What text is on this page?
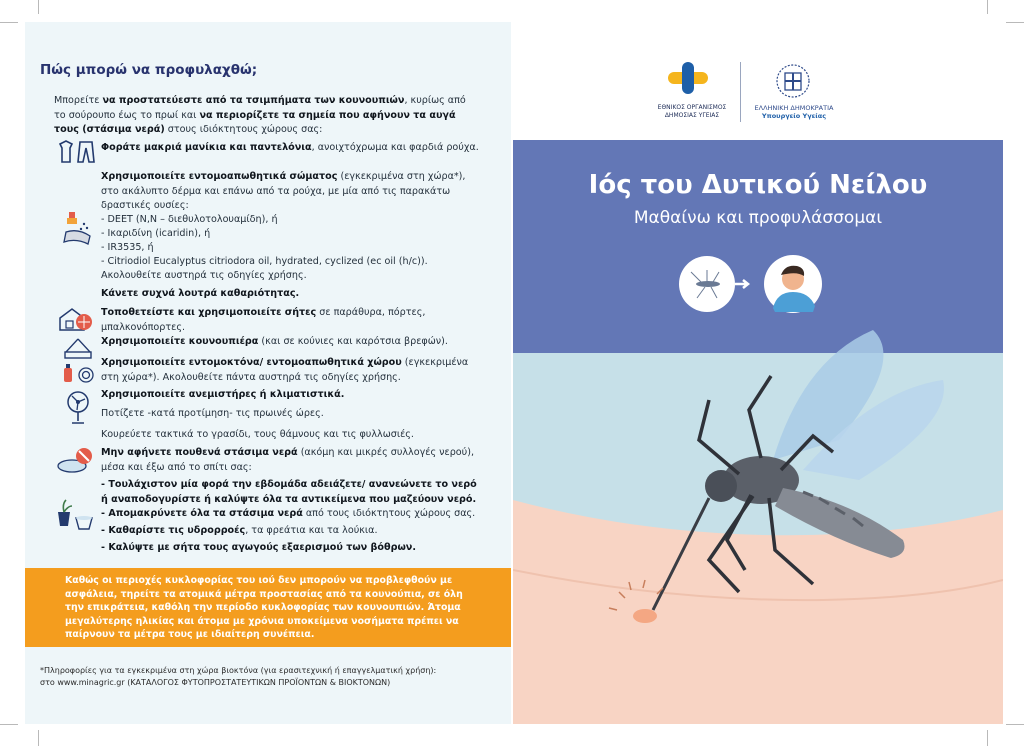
Πώς μπορώ να προφυλαχθώ;
Μπορείτε να προστατεύεστε από τα τσιμπήματα των κουνουπιών, κυρίως από το σούρουπο έως το πρωί και να περιορίζετε τα σημεία που αφήνουν τα αυγά τους (στάσιμα νερά) στους ιδιόκτητους χώρους σας:
Φοράτε μακριά μανίκια και παντελόνια, ανοιχτόχρωμα και φαρδιά ρούχα.
Χρησιμοποιείτε εντομοαπωθητικά σώματος (εγκεκριμένα στη χώρα*), στο ακάλυπτο δέρμα και επάνω από τα ρούχα, με μία από τις παρακάτω δραστικές ουσίες:
- DEET (N,N – διεθυλοτολουαμίδη), ή
- Ικαριδίνη (icaridin), ή
- IR3535, ή
- Citriodiol Eucalyptus citriodora oil, hydrated, cyclized (ec oil (h/c)).
Ακολουθείτε αυστηρά τις οδηγίες χρήσης.
Κάνετε συχνά λουτρά καθαριότητας.
Τοποθετείστε και χρησιμοποιείτε σήτες σε παράθυρα, πόρτες, μπαλκονόπορτες.
Χρησιμοποιείτε κουνουπιέρα (και σε κούνιες και καρότσια βρεφών).
Χρησιμοποιείτε εντομοκτόνα/ εντομοαπωθητικά χώρου (εγκεκριμένα στη χώρα*). Ακολουθείτε πάντα αυστηρά τις οδηγίες χρήσης.
Χρησιμοποιείτε ανεμιστήρες ή κλιματιστικά.
Ποτίζετε -κατά προτίμηση- τις πρωινές ώρες.
Κουρεύετε τακτικά το γρασίδι, τους θάμνους και τις φυλλωσιές.
Μην αφήνετε πουθενά στάσιμα νερά (ακόμη και μικρές συλλογές νερού), μέσα και έξω από το σπίτι σας:
- Τουλάχιστον μία φορά την εβδομάδα αδειάζετε/ ανανεώνετε το νερό ή αναποδογυρίστε ή καλύψτε όλα τα αντικείμενα που μαζεύουν νερό.
- Απομακρύνετε όλα τα στάσιμα νερά από τους ιδιόκτητους χώρους σας.
- Καθαρίστε τις υδρορροές, τα φρεάτια και τα λούκια.
- Καλύψτε με σήτα τους αγωγούς εξαερισμού των βόθρων.
Καθώς οι περιοχές κυκλοφορίας του ιού δεν μπορούν να προβλεφθούν με ασφάλεια, τηρείτε τα ατομικά μέτρα προστασίας από τα κουνούπια, σε όλη την επικράτεια, καθόλη την περίοδο κυκλοφορίας των κουνουπιών. Άτομα μεγαλύτερης ηλικίας και άτομα με χρόνια υποκείμενα νοσήματα πρέπει να παίρνουν τα μέτρα τους με ιδιαίτερη συνέπεια.
*Πληροφορίες για τα εγκεκριμένα στη χώρα βιοκτόνα (για ερασιτεχνική ή επαγγελματική χρήση):
στο www.minagric.gr (ΚΑΤΑΛΟΓΟΣ ΦΥΤΟΠΡΟΣΤΑΤΕΥΤΙΚΩΝ ΠΡΟΪΟΝΤΩΝ & ΒΙΟΚΤΟΝΩΝ)
ΕΘΝΙΚΟΣ ΟΡΓΑΝΙΣΜΟΣ
ΔΗΜΟΣΙΑΣ ΥΓΕΙΑΣ
ΕΛΛΗΝΙΚΗ ΔΗΜΟΚΡΑΤΙΑ
Υπουργείο Υγείας
Ιός του Δυτικού Νείλου
Μαθαίνω και προφυλάσσομαι
